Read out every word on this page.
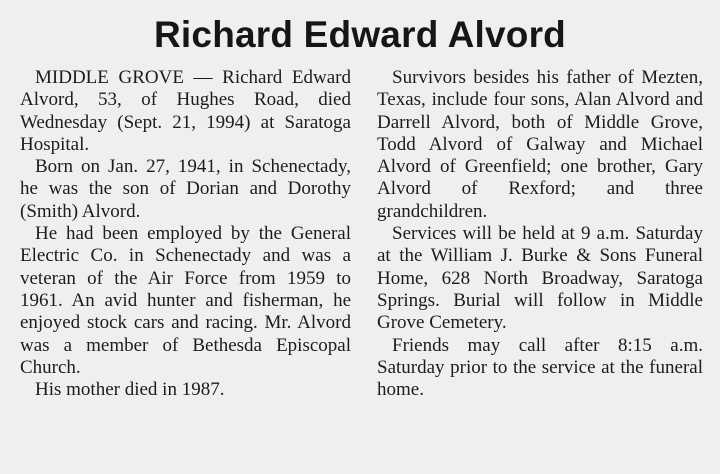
Richard Edward Alvord

MIDDLE GROVE — Richard Edward Alvord, 53, of Hughes Road, died Wednesday (Sept. 21, 1994) at Saratoga Hospital.

Born on Jan. 27, 1941, in Schenectady, he was the son of Dorian and Dorothy (Smith) Alvord.

He had been employed by the General Electric Co. in Schenectady and was a veteran of the Air Force from 1959 to 1961. An avid hunter and fisherman, he enjoyed stock cars and racing. Mr. Alvord was a member of Bethesda Episcopal Church.

His mother died in 1987.

Survivors besides his father of Mezten, Texas, include four sons, Alan Alvord and Darrell Alvord, both of Middle Grove, Todd Alvord of Galway and Michael Alvord of Greenfield; one brother, Gary Alvord of Rexford; and three grandchildren.

Services will be held at 9 a.m. Saturday at the William J. Burke & Sons Funeral Home, 628 North Broadway, Saratoga Springs. Burial will follow in Middle Grove Cemetery.

Friends may call after 8:15 a.m. Saturday prior to the service at the funeral home.
